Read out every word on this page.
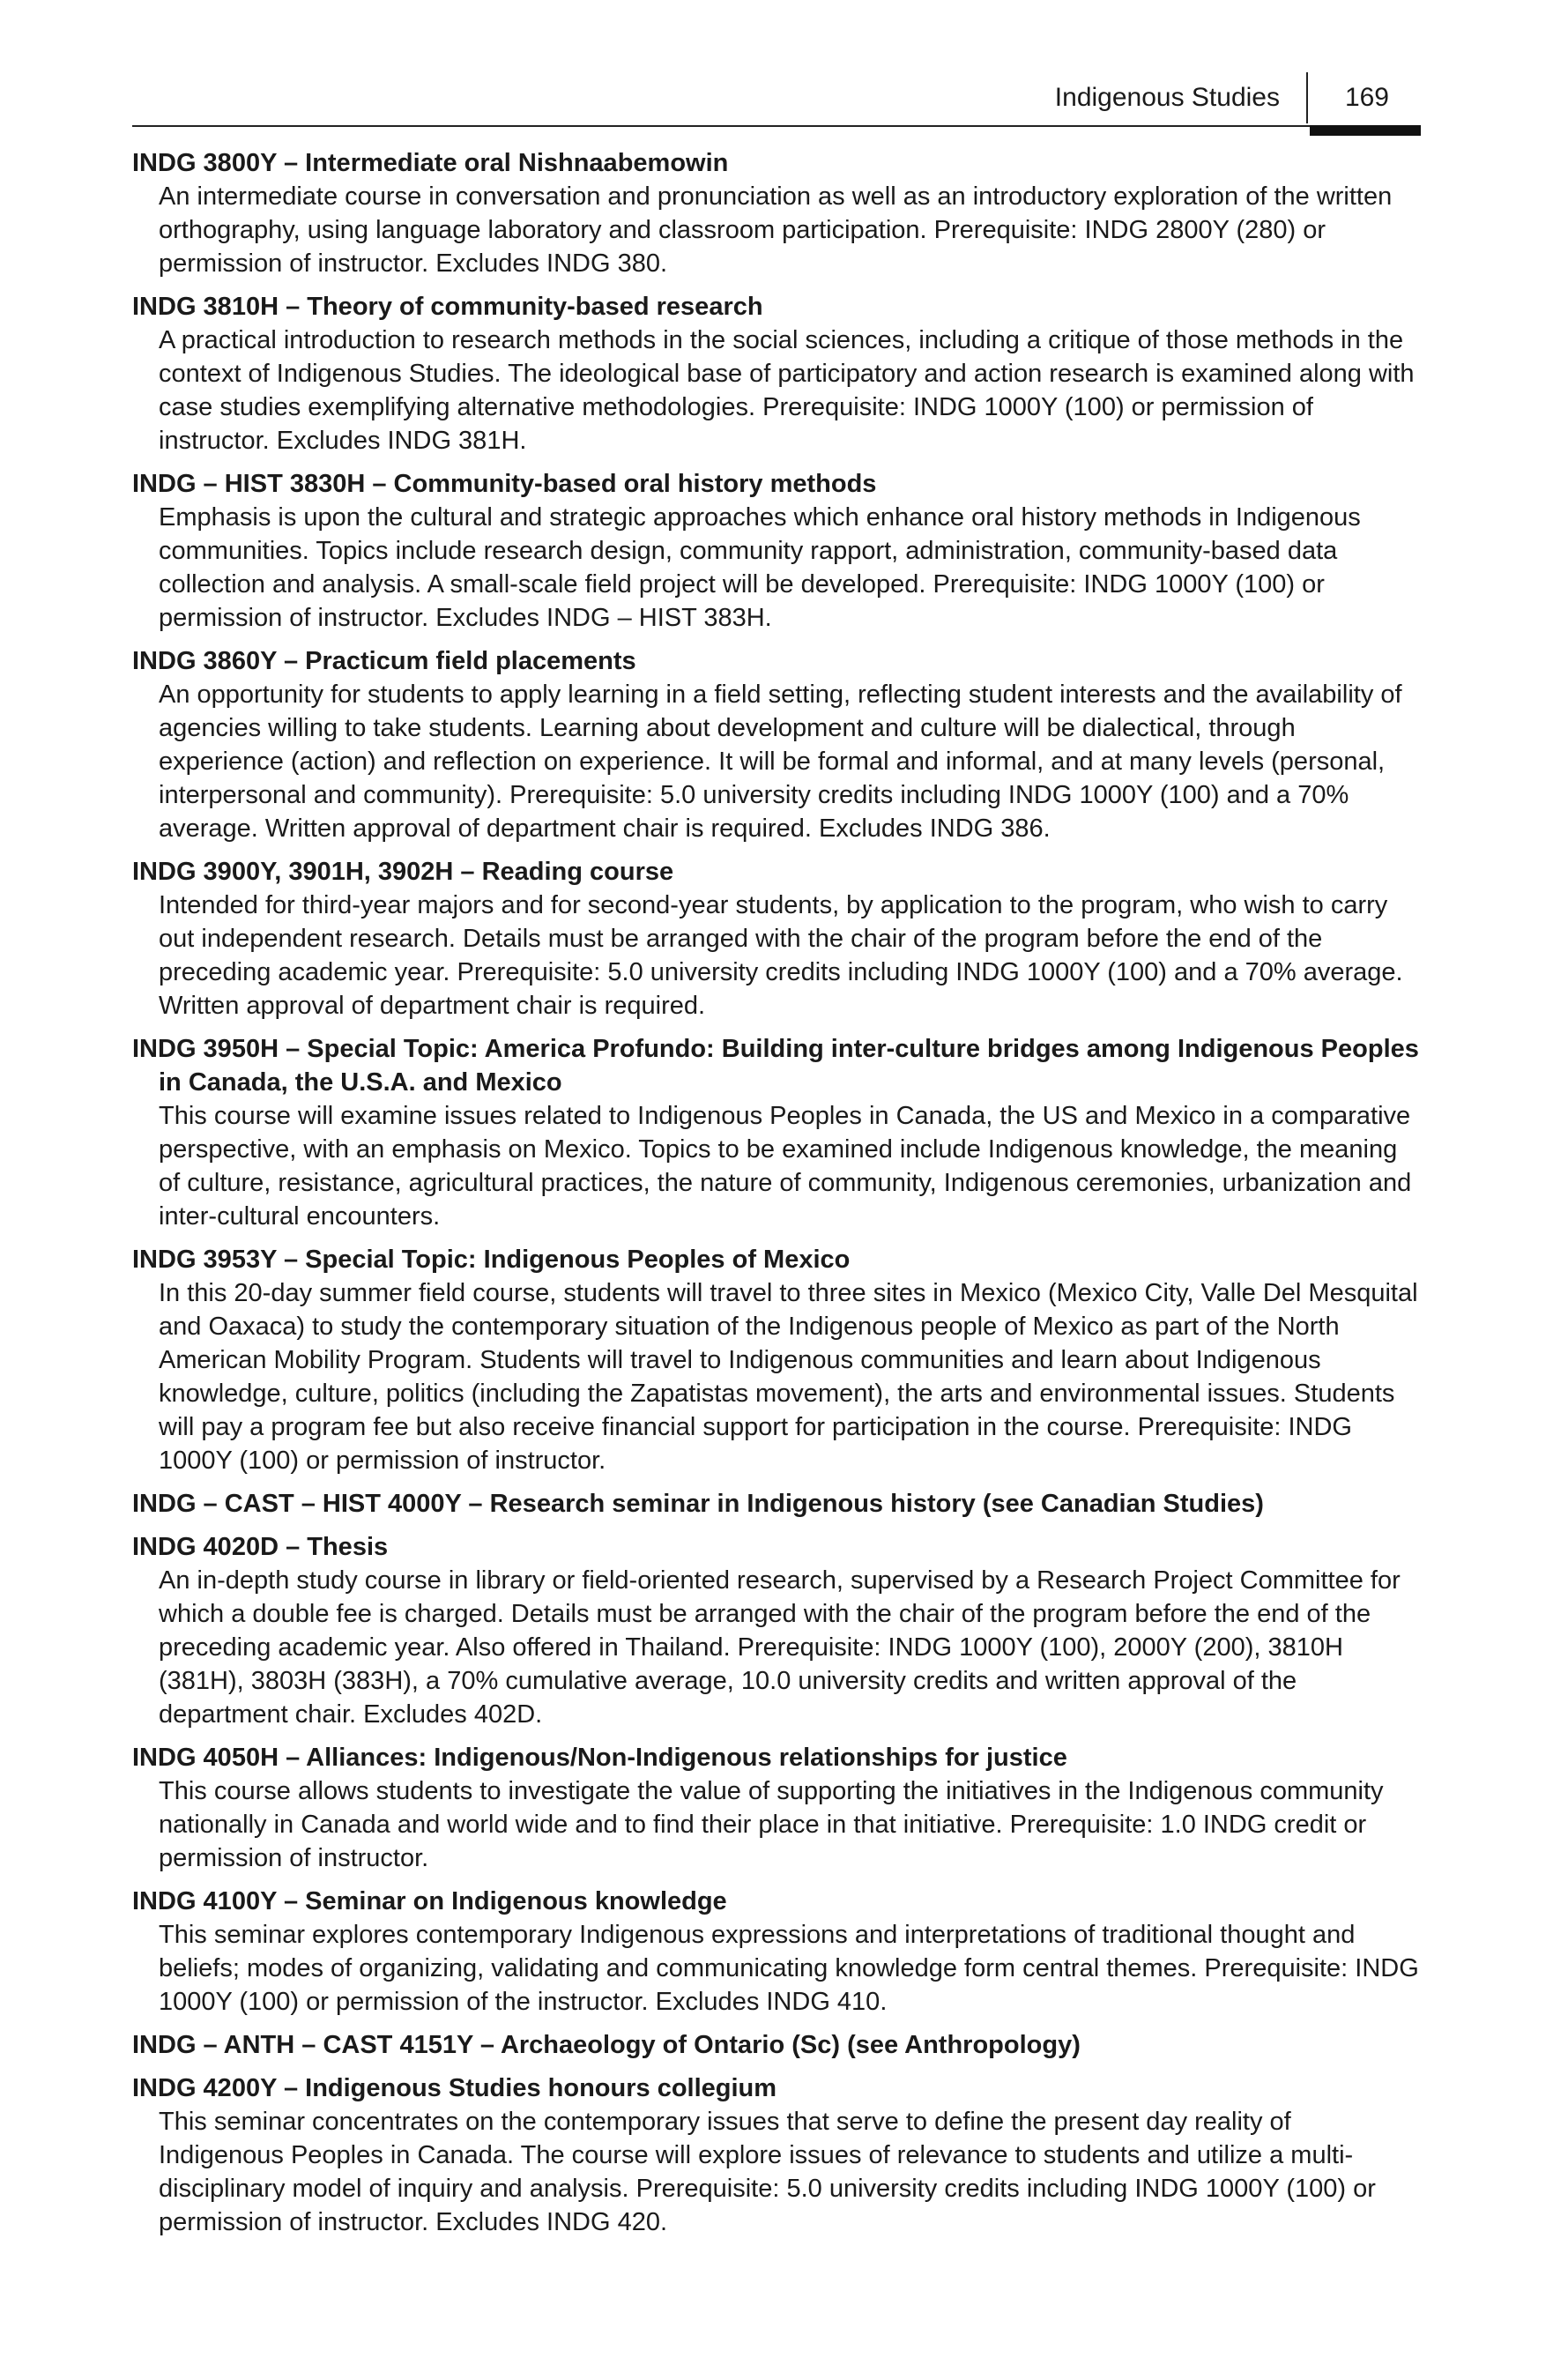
Indigenous Studies 169
INDG 3800Y – Intermediate oral Nishnaabemowin

An intermediate course in conversation and pronunciation as well as an introductory exploration of the written orthography, using language laboratory and classroom participation. Prerequisite: INDG 2800Y (280) or permission of instructor. Excludes INDG 380.

INDG 3810H – Theory of community-based research

A practical introduction to research methods in the social sciences, including a critique of those methods in the context of Indigenous Studies. The ideological base of participatory and action research is examined along with case studies exemplifying alternative methodologies. Prerequisite: INDG 1000Y (100) or permission of instructor. Excludes INDG 381H.

INDG – HIST 3830H – Community-based oral history methods

Emphasis is upon the cultural and strategic approaches which enhance oral history methods in Indigenous communities. Topics include research design, community rapport, administration, community-based data collection and analysis. A small-scale field project will be developed. Prerequisite: INDG 1000Y (100) or permission of instructor. Excludes INDG – HIST 383H.

INDG 3860Y – Practicum field placements

An opportunity for students to apply learning in a field setting, reflecting student interests and the availability of agencies willing to take students. Learning about development and culture will be dialectical, through experience (action) and reflection on experience. It will be formal and informal, and at many levels (personal, interpersonal and community). Prerequisite: 5.0 university credits including INDG 1000Y (100) and a 70% average. Written approval of department chair is required. Excludes INDG 386.

INDG 3900Y, 3901H, 3902H – Reading course

Intended for third-year majors and for second-year students, by application to the program, who wish to carry out independent research. Details must be arranged with the chair of the program before the end of the preceding academic year. Prerequisite: 5.0 university credits including INDG 1000Y (100) and a 70% average. Written approval of department chair is required.

INDG 3950H – Special Topic: America Profundo: Building inter-culture bridges among Indigenous Peoples in Canada, the U.S.A. and Mexico

This course will examine issues related to Indigenous Peoples in Canada, the US and Mexico in a comparative perspective, with an emphasis on Mexico. Topics to be examined include Indigenous knowledge, the meaning of culture, resistance, agricultural practices, the nature of community, Indigenous ceremonies, urbanization and inter-cultural encounters.

INDG 3953Y – Special Topic: Indigenous Peoples of Mexico

In this 20-day summer field course, students will travel to three sites in Mexico (Mexico City, Valle Del Mesquital and Oaxaca) to study the contemporary situation of the Indigenous people of Mexico as part of the North American Mobility Program. Students will travel to Indigenous communities and learn about Indigenous knowledge, culture, politics (including the Zapatistas movement), the arts and environmental issues. Students will pay a program fee but also receive financial support for participation in the course. Prerequisite: INDG 1000Y (100) or permission of instructor.

INDG – CAST – HIST 4000Y – Research seminar in Indigenous history (see Canadian Studies)
INDG 4020D – Thesis

An in-depth study course in library or field-oriented research, supervised by a Research Project Committee for which a double fee is charged. Details must be arranged with the chair of the program before the end of the preceding academic year. Also offered in Thailand. Prerequisite: INDG 1000Y (100), 2000Y (200), 3810H (381H), 3803H (383H), a 70% cumulative average, 10.0 university credits and written approval of the department chair. Excludes 402D.

INDG 4050H – Alliances: Indigenous/Non-Indigenous relationships for justice

This course allows students to investigate the value of supporting the initiatives in the Indigenous community nationally in Canada and world wide and to find their place in that initiative. Prerequisite: 1.0 INDG credit or permission of instructor.

INDG 4100Y – Seminar on Indigenous knowledge

This seminar explores contemporary Indigenous expressions and interpretations of traditional thought and beliefs; modes of organizing, validating and communicating knowledge form central themes. Prerequisite: INDG 1000Y (100) or permission of the instructor. Excludes INDG 410.

INDG – ANTH – CAST 4151Y – Archaeology of Ontario (Sc) (see Anthropology)
INDG 4200Y – Indigenous Studies honours collegium

This seminar concentrates on the contemporary issues that serve to define the present day reality of Indigenous Peoples in Canada. The course will explore issues of relevance to students and utilize a multi-disciplinary model of inquiry and analysis. Prerequisite: 5.0 university credits including INDG 1000Y (100) or permission of instructor. Excludes INDG 420.
